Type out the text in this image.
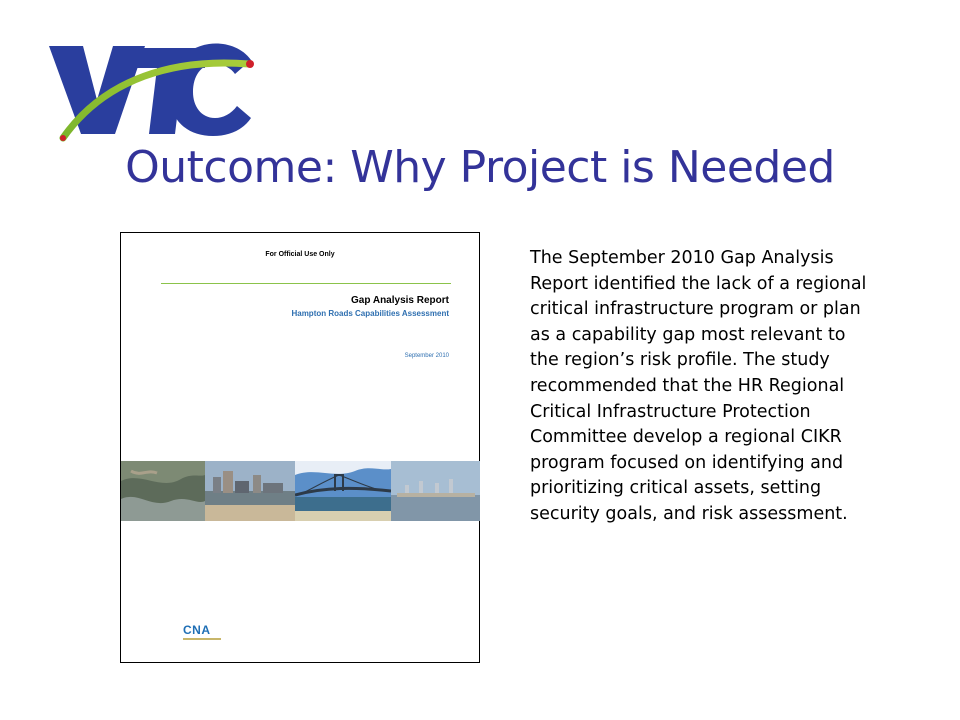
Outcome: Why Project is Needed
For Official Use Only
Gap Analysis Report
Hampton Roads Capabilities Assessment
September 2010
CNA
The September 2010 Gap Analysis Report identified the lack of a regional critical infrastructure program or plan as a capability gap most relevant to the region’s risk profile. The study recommended that the HR Regional Critical Infrastructure Protection Committee develop a regional CIKR program focused on identifying and prioritizing critical assets, setting security goals, and risk assessment.
